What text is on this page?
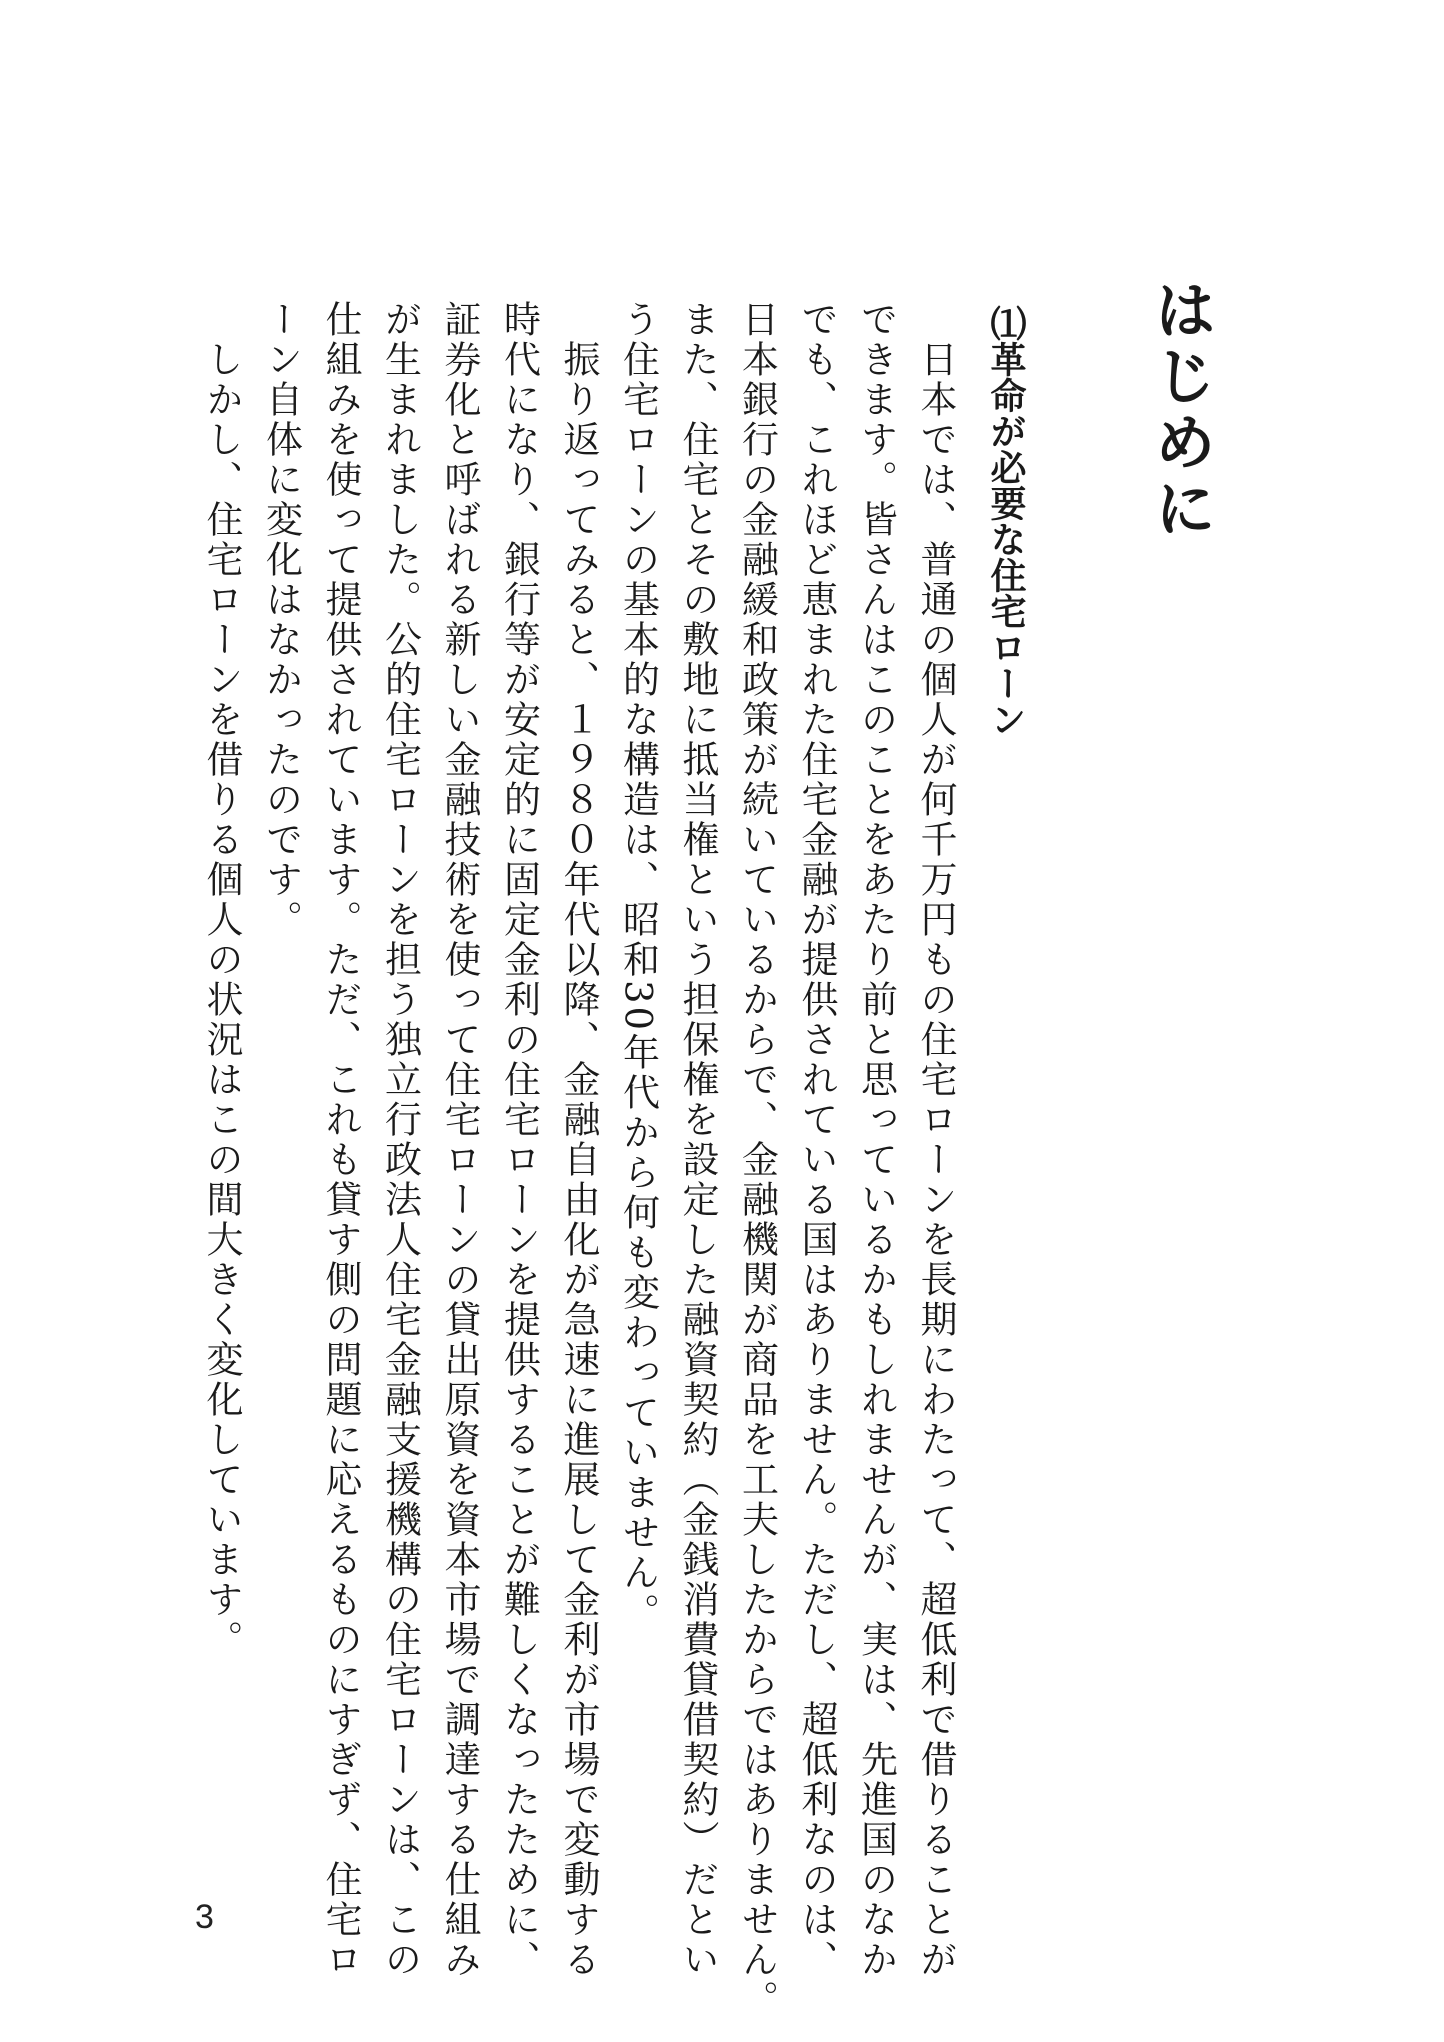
はじめに
⑴革命が必要な住宅ローン
　日本では、普通の個人が何千万円もの住宅ローンを長期にわたって、超低利で借りることが
できます。皆さんはこのことをあたり前と思っているかもしれませんが、実は、先進国のなか
でも、これほど恵まれた住宅金融が提供されている国はありません。ただし、超低利なのは、
日本銀行の金融緩和政策が続いているからで、金融機関が商品を工夫したからではありません。
また、住宅とその敷地に抵当権という担保権を設定した融資契約（金銭消費貸借契約）だとい
う住宅ローンの基本的な構造は、昭和30年代から何も変わっていません。
　振り返ってみると、１９８０年代以降、金融自由化が急速に進展して金利が市場で変動する
時代になり、銀行等が安定的に固定金利の住宅ローンを提供することが難しくなったために、
証券化と呼ばれる新しい金融技術を使って住宅ローンの貸出原資を資本市場で調達する仕組み
が生まれました。公的住宅ローンを担う独立行政法人住宅金融支援機構の住宅ローンは、この
仕組みを使って提供されています。ただ、これも貸す側の問題に応えるものにすぎず、住宅ロ
ーン自体に変化はなかったのです。
　しかし、住宅ローンを借りる個人の状況はこの間大きく変化しています。

3
